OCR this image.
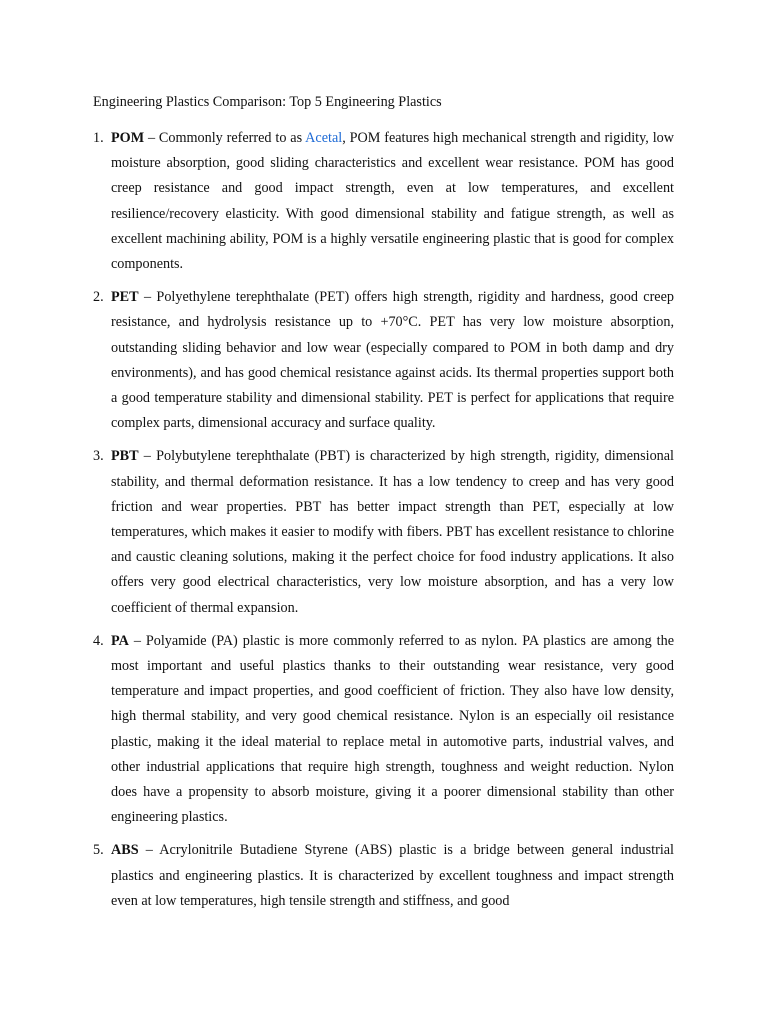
Engineering Plastics Comparison: Top 5 Engineering Plastics

1. POM – Commonly referred to as Acetal, POM features high mechanical strength and rigidity, low moisture absorption, good sliding characteristics and excellent wear resistance. POM has good creep resistance and good impact strength, even at low temperatures, and excellent resilience/recovery elasticity. With good dimensional stability and fatigue strength, as well as excellent machining ability, POM is a highly versatile engineering plastic that is good for complex components.
2. PET – Polyethylene terephthalate (PET) offers high strength, rigidity and hardness, good creep resistance, and hydrolysis resistance up to +70°C. PET has very low moisture absorption, outstanding sliding behavior and low wear (especially compared to POM in both damp and dry environments), and has good chemical resistance against acids. Its thermal properties support both a good temperature stability and dimensional stability. PET is perfect for applications that require complex parts, dimensional accuracy and surface quality.
3. PBT – Polybutylene terephthalate (PBT) is characterized by high strength, rigidity, dimensional stability, and thermal deformation resistance. It has a low tendency to creep and has very good friction and wear properties. PBT has better impact strength than PET, especially at low temperatures, which makes it easier to modify with fibers. PBT has excellent resistance to chlorine and caustic cleaning solutions, making it the perfect choice for food industry applications. It also offers very good electrical characteristics, very low moisture absorption, and has a very low coefficient of thermal expansion.
4. PA – Polyamide (PA) plastic is more commonly referred to as nylon. PA plastics are among the most important and useful plastics thanks to their outstanding wear resistance, very good temperature and impact properties, and good coefficient of friction. They also have low density, high thermal stability, and very good chemical resistance. Nylon is an especially oil resistance plastic, making it the ideal material to replace metal in automotive parts, industrial valves, and other industrial applications that require high strength, toughness and weight reduction. Nylon does have a propensity to absorb moisture, giving it a poorer dimensional stability than other engineering plastics.
5. ABS – Acrylonitrile Butadiene Styrene (ABS) plastic is a bridge between general industrial plastics and engineering plastics. It is characterized by excellent toughness and impact strength even at low temperatures, high tensile strength and stiffness, and good
